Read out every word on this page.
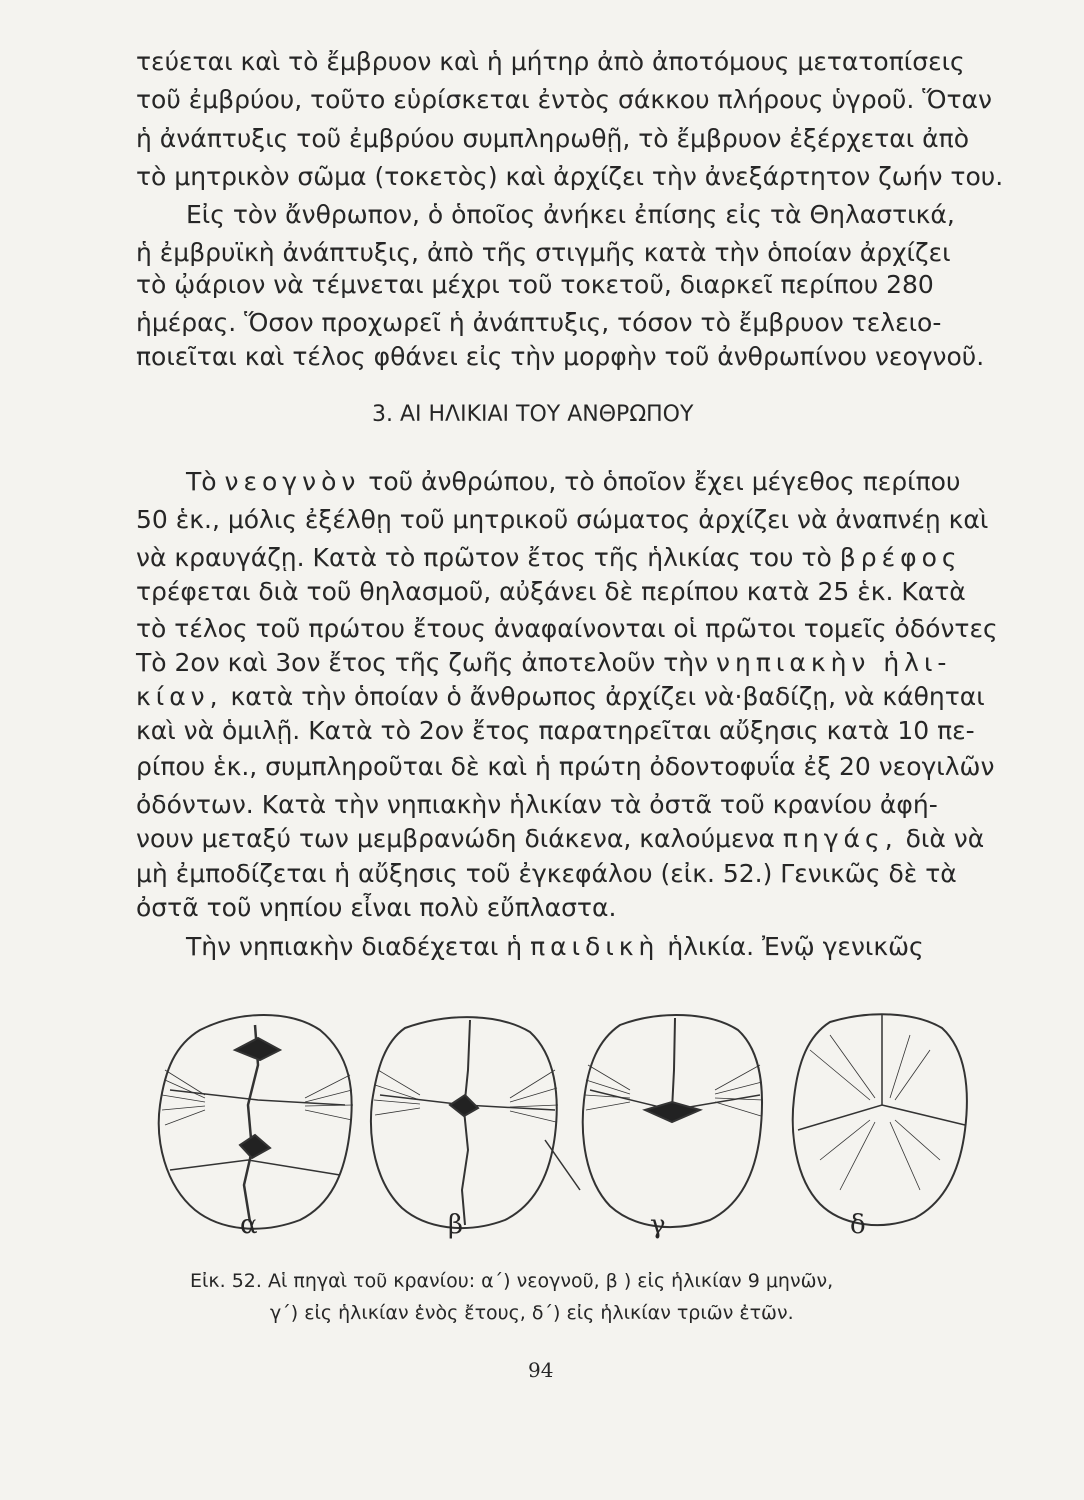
τεύεται καὶ τὸ ἔμβρυον καὶ ἡ μήτηρ ἀπὸ ἀποτόμους μετατοπίσεις
τοῦ ἐμβρύου, τοῦτο εὑρίσκεται ἐντὸς σάκκου πλήρους ὑγροῦ. Ὅταν
ἡ ἀνάπτυξις τοῦ ἐμβρύου συμπληρωθῇ, τὸ ἔμβρυον ἐξέρχεται ἀπὸ
τὸ μητρικὸν σῶμα (τοκετὸς) καὶ ἀρχίζει τὴν ἀνεξάρτητον ζωήν του.
Εἰς τὸν ἄνθρωπον, ὁ ὁποῖος ἀνήκει ἐπίσης εἰς τὰ Θηλαστικά,
ἡ ἐμβρυϊκὴ ἀνάπτυξις, ἀπὸ τῆς στιγμῆς κατὰ τὴν ὁποίαν ἀρχίζει
τὸ ᾠάριον νὰ τέμνεται μέχρι τοῦ τοκετοῦ, διαρκεῖ περίπου 280
ἡμέρας. Ὅσον προχωρεῖ ἡ ἀνάπτυξις, τόσον τὸ ἔμβρυον τελειο-
ποιεῖται καὶ τέλος φθάνει εἰς τὴν μορφὴν τοῦ ἀνθρωπίνου νεογνοῦ.
3. ΑΙ ΗΛΙΚΙΑΙ ΤΟΥ ΑΝΘΡΩΠΟΥ
Τὸ νεογνὸν τοῦ ἀνθρώπου, τὸ ὁποῖον ἔχει μέγεθος περίπου
50 ἑκ., μόλις ἐξέλθῃ τοῦ μητρικοῦ σώματος ἀρχίζει νὰ ἀναπνέῃ καὶ
νὰ κραυγάζῃ. Κατὰ τὸ πρῶτον ἔτος τῆς ἡλικίας του τὸ βρέφος
τρέφεται διὰ τοῦ θηλασμοῦ, αὐξάνει δὲ περίπου κατὰ 25 ἑκ. Κατὰ
τὸ τέλος τοῦ πρώτου ἔτους ἀναφαίνονται οἱ πρῶτοι τομεῖς ὀδόντες
Τὸ 2ον καὶ 3ον ἔτος τῆς ζωῆς ἀποτελοῦν τὴν νηπιακὴν ἡλι-
κίαν, κατὰ τὴν ὁποίαν ὁ ἄνθρωπος ἀρχίζει νὰ·βαδίζῃ, νὰ κάθηται
καὶ νὰ ὁμιλῇ. Κατὰ τὸ 2ον ἔτος παρατηρεῖται αὔξησις κατὰ 10 πε-
ρίπου ἑκ., συμπληροῦται δὲ καὶ ἡ πρώτη ὀδοντοφυΐα ἐξ 20 νεογιλῶν
ὀδόντων. Κατὰ τὴν νηπιακὴν ἡλικίαν τὰ ὀστᾶ τοῦ κρανίου ἀφή-
νουν μεταξύ των μεμβρανώδη διάκενα, καλούμενα πηγάς, διὰ νὰ
μὴ ἐμποδίζεται ἡ αὔξησις τοῦ ἐγκεφάλου (εἰκ. 52.) Γενικῶς δὲ τὰ
ὀστᾶ τοῦ νηπίου εἶναι πολὺ εὔπλαστα.
Τὴν νηπιακὴν διαδέχεται ἡ παιδικὴ ἡλικία. Ἐνῷ γενικῶς
α	β	γ	δ
Εἰκ. 52. Αἱ πηγαὶ τοῦ κρανίου: α΄) νεογνοῦ, β ) εἰς ἡλικίαν 9 μηνῶν,
γ΄) εἰς ἡλικίαν ἑνὸς ἔτους, δ΄) εἰς ἡλικίαν τριῶν ἐτῶν.
94
